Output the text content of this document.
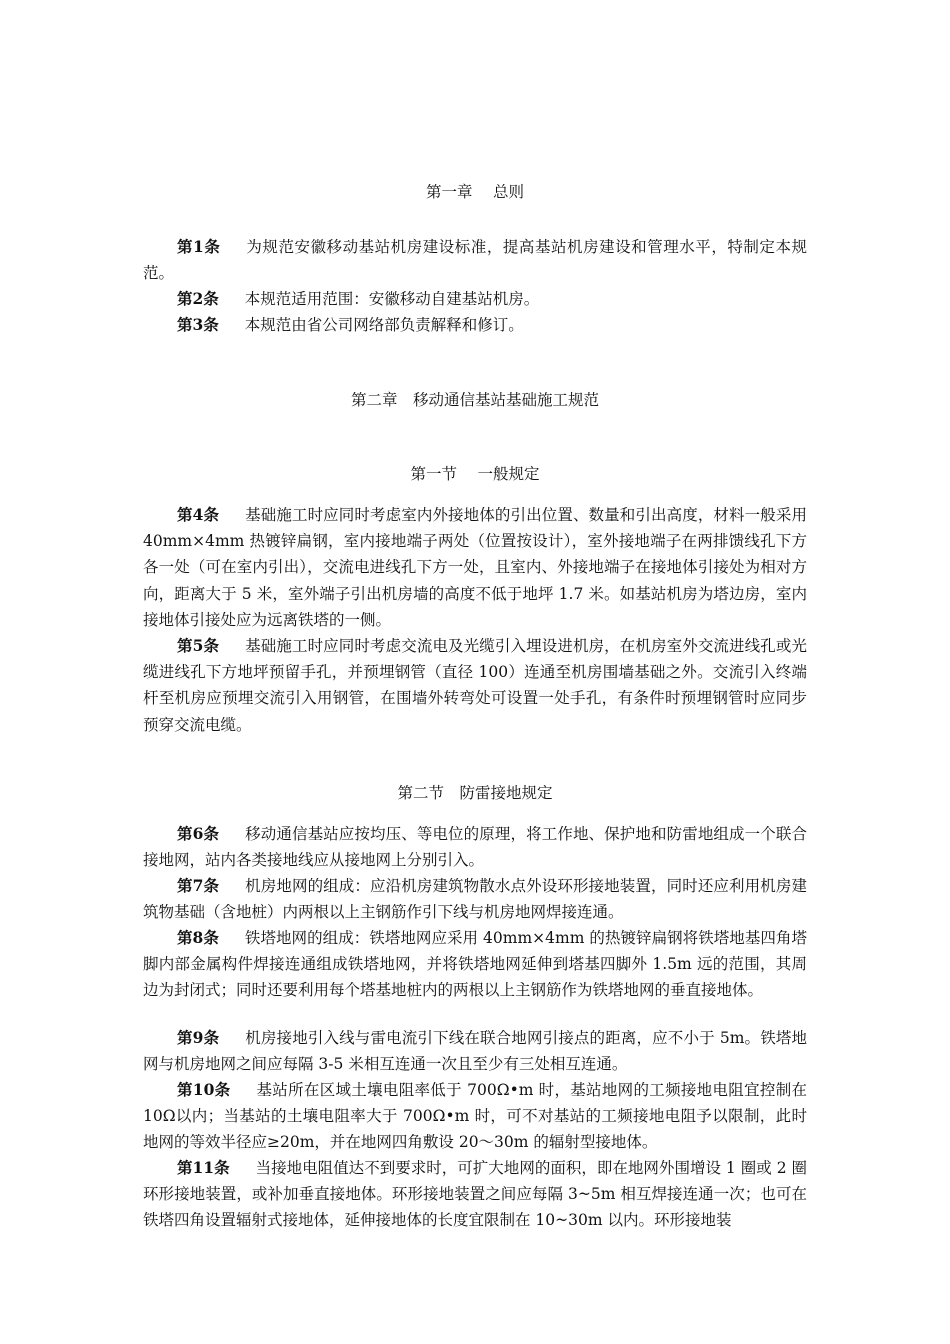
第一章　 总则
第1条 为规范安徽移动基站机房建设标准，提高基站机房建设和管理水平，特制定本规范。
第2条 本规范适用范围：安徽移动自建基站机房。
第3条 本规范由省公司网络部负责解释和修订。
第二章　移动通信基站基础施工规范
第一节　 一般规定
第4条 基础施工时应同时考虑室内外接地体的引出位置、数量和引出高度，材料一般采用 40mm×4mm 热镀锌扁钢，室内接地端子两处（位置按设计），室外接地端子在两排馈线孔下方各一处（可在室内引出），交流电进线孔下方一处，且室内、外接地端子在接地体引接处为相对方向，距离大于 5 米，室外端子引出机房墙的高度不低于地坪 1.7 米。如基站机房为塔边房，室内接地体引接处应为远离铁塔的一侧。
第5条 基础施工时应同时考虑交流电及光缆引入埋设进机房，在机房室外交流进线孔或光缆进线孔下方地坪预留手孔，并预埋钢管（直径 100）连通至机房围墙基础之外。交流引入终端杆至机房应预埋交流引入用钢管，在围墙外转弯处可设置一处手孔，有条件时预埋钢管时应同步预穿交流电缆。
第二节　防雷接地规定
第6条 移动通信基站应按均压、等电位的原理，将工作地、保护地和防雷地组成一个联合接地网，站内各类接地线应从接地网上分别引入。
第7条 机房地网的组成：应沿机房建筑物散水点外设环形接地装置，同时还应利用机房建筑物基础（含地桩）内两根以上主钢筋作引下线与机房地网焊接连通。
第8条 铁塔地网的组成：铁塔地网应采用 40mm×4mm 的热镀锌扁钢将铁塔地基四角塔脚内部金属构件焊接连通组成铁塔地网，并将铁塔地网延伸到塔基四脚外 1.5m 远的范围，其周边为封闭式；同时还要利用每个塔基地桩内的两根以上主钢筋作为铁塔地网的垂直接地体。
第9条 机房接地引入线与雷电流引下线在联合地网引接点的距离，应不小于 5m。铁塔地网与机房地网之间应每隔 3-5 米相互连通一次且至少有三处相互连通。
第10条 基站所在区域土壤电阻率低于 700Ω•m 时，基站地网的工频接地电阻宜控制在 10Ω以内；当基站的土壤电阻率大于 700Ω•m 时，可不对基站的工频接地电阻予以限制，此时地网的等效半径应≥20m，并在地网四角敷设 20～30m 的辐射型接地体。
第11条 当接地电阻值达不到要求时，可扩大地网的面积，即在地网外围增设 1 圈或 2 圈环形接地装置，或补加垂直接地体。环形接地装置之间应每隔 3~5m 相互焊接连通一次；也可在铁塔四角设置辐射式接地体，延伸接地体的长度宜限制在 10~30m 以内。环形接地装
